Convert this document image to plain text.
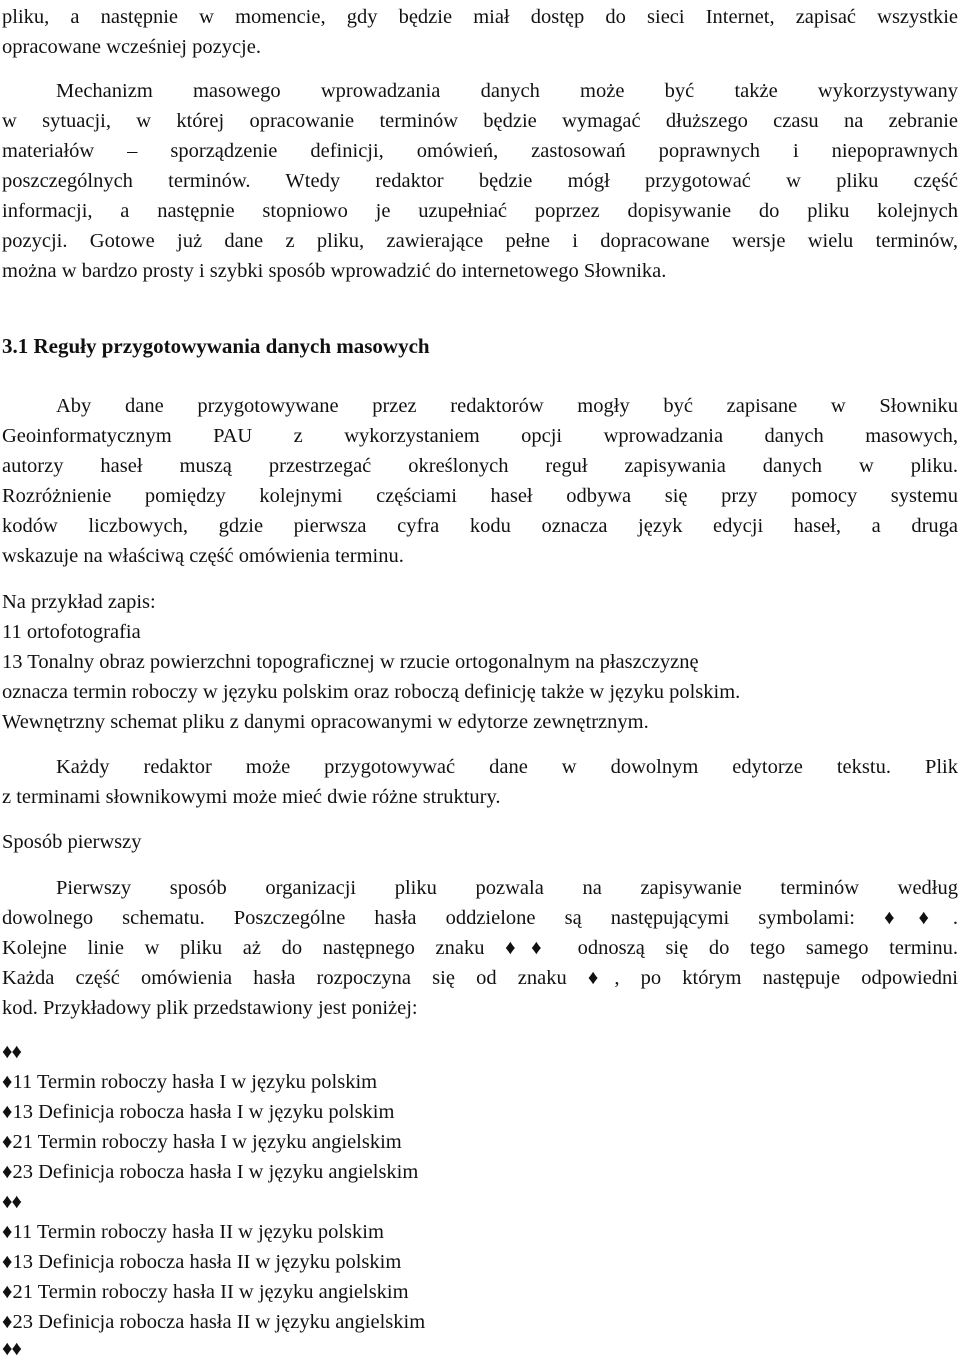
pliku, a następnie w momencie, gdy będzie miał dostęp do sieci Internet, zapisać wszystkie
opracowane wcześniej pozycje.
Mechanizm masowego wprowadzania danych może być także wykorzystywany
w sytuacji, w której opracowanie terminów będzie wymagać dłuższego czasu na zebranie
materiałów – sporządzenie definicji, omówień, zastosowań poprawnych i niepoprawnych
poszczególnych terminów. Wtedy redaktor będzie mógł przygotować w pliku część
informacji, a następnie stopniowo je uzupełniać poprzez dopisywanie do pliku kolejnych
pozycji. Gotowe już dane z pliku, zawierające pełne i dopracowane wersje wielu terminów,
można w bardzo prosty i szybki sposób wprowadzić do internetowego Słownika.
3.1 Reguły przygotowywania danych masowych
Aby dane przygotowywane przez redaktorów mogły być zapisane w Słowniku
Geoinformatycznym PAU z wykorzystaniem opcji wprowadzania danych masowych,
autorzy haseł muszą przestrzegać określonych reguł zapisywania danych w pliku.
Rozróżnienie pomiędzy kolejnymi częściami haseł odbywa się przy pomocy systemu
kodów liczbowych, gdzie pierwsza cyfra kodu oznacza język edycji haseł, a druga
wskazuje na właściwą część omówienia terminu.
Na przykład zapis:
11 ortofotografia
13 Tonalny obraz powierzchni topograficznej w rzucie ortogonalnym na płaszczyznę
oznacza termin roboczy w języku polskim oraz roboczą definicję także w języku polskim.
Wewnętrzny schemat pliku z danymi opracowanymi w edytorze zewnętrznym.
Każdy redaktor może przygotowywać dane w dowolnym edytorze tekstu. Plik
z terminami słownikowymi może mieć dwie różne struktury.
Sposób pierwszy
Pierwszy sposób organizacji pliku pozwala na zapisywanie terminów według
dowolnego schematu. Poszczególne hasła oddzielone są następującymi symbolami: ♦♦.
Kolejne linie w pliku aż do następnego znaku ♦♦ odnoszą się do tego samego terminu.
Każda część omówienia hasła rozpoczyna się od znaku ♦, po którym następuje odpowiedni
kod. Przykładowy plik przedstawiony jest poniżej:
♦♦
♦11 Termin roboczy hasła I w języku polskim
♦13 Definicja robocza hasła I w języku polskim
♦21 Termin roboczy hasła I w języku angielskim
♦23 Definicja robocza hasła I w języku angielskim
♦♦
♦11 Termin roboczy hasła II w języku polskim
♦13 Definicja robocza hasła II w języku polskim
♦21 Termin roboczy hasła II w języku angielskim
♦23 Definicja robocza hasła II w języku angielskim
♦♦
